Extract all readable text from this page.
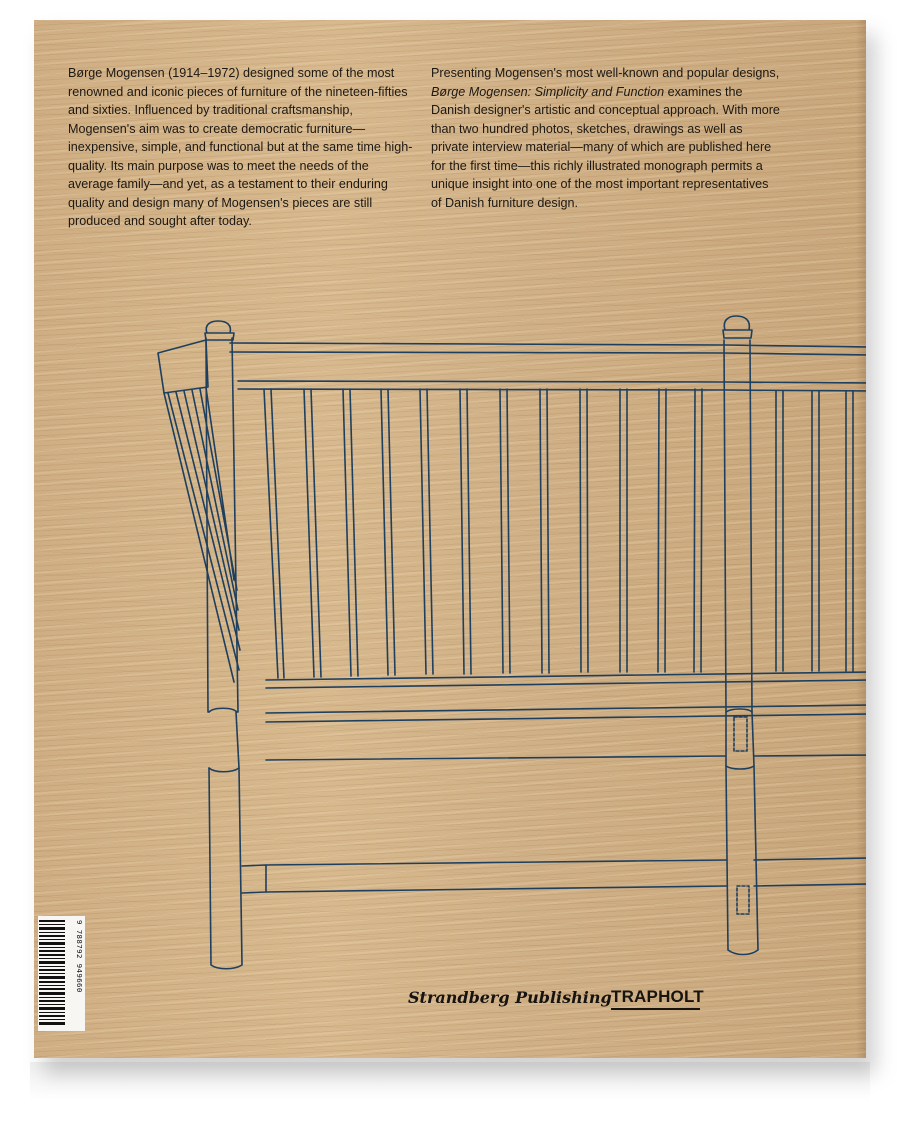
Børge Mogensen (1914–1972) designed some of the most renowned and iconic pieces of furniture of the nineteen-fifties and sixties. Influenced by traditional craftsmanship, Mogensen's aim was to create democratic furniture—inexpensive, simple, and functional but at the same time high-quality. Its main purpose was to meet the needs of the average family—and yet, as a testament to their enduring quality and design many of Mogensen's pieces are still produced and sought after today.
Presenting Mogensen's most well-known and popular designs, Børge Mogensen: Simplicity and Function examines the Danish designer's artistic and conceptual approach. With more than two hundred photos, sketches, drawings as well as private interview material—many of which are published here for the first time—this richly illustrated monograph permits a unique insight into one of the most important representatives of Danish furniture design.
9 788792 949660
Strandberg Publishing TRAPHOLT
